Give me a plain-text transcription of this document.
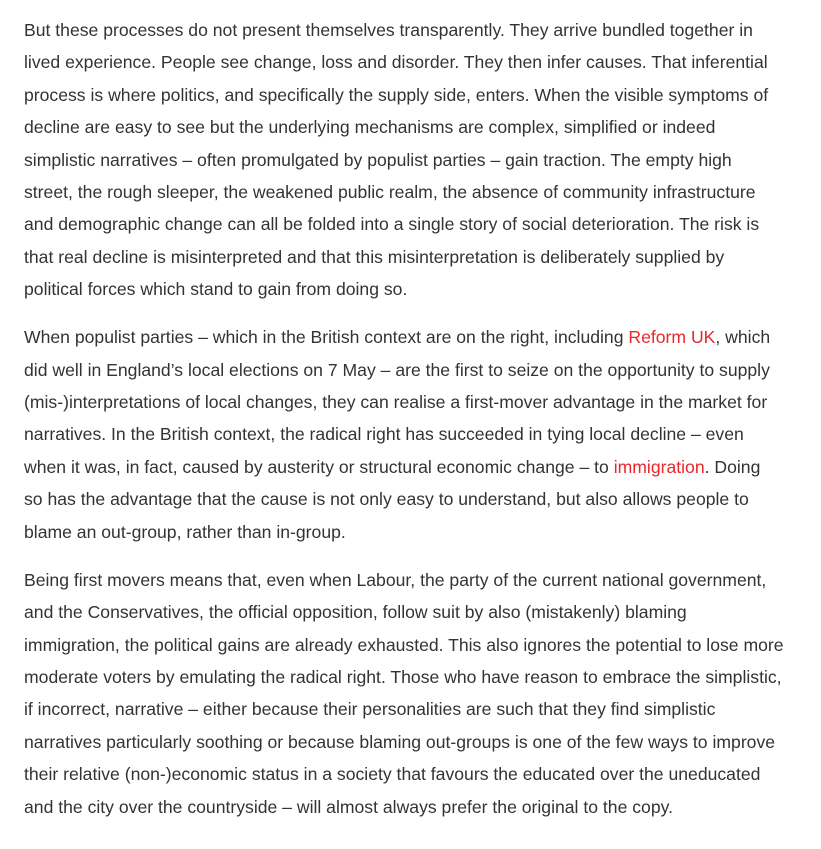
But these processes do not present themselves transparently. They arrive bundled together in
lived experience. People see change, loss and disorder. They then infer causes. That inferential
process is where politics, and specifically the supply side, enters. When the visible symptoms of
decline are easy to see but the underlying mechanisms are complex, simplified or indeed
simplistic narratives – often promulgated by populist parties – gain traction. The empty high
street, the rough sleeper, the weakened public realm, the absence of community infrastructure
and demographic change can all be folded into a single story of social deterioration. The risk is
that real decline is misinterpreted and that this misinterpretation is deliberately supplied by
political forces which stand to gain from doing so.

When populist parties – which in the British context are on the right, including Reform UK, which
did well in England’s local elections on 7 May – are the first to seize on the opportunity to supply
(mis-)interpretations of local changes, they can realise a first-mover advantage in the market for
narratives. In the British context, the radical right has succeeded in tying local decline – even
when it was, in fact, caused by austerity or structural economic change – to immigration. Doing
so has the advantage that the cause is not only easy to understand, but also allows people to
blame an out-group, rather than in-group.

Being first movers means that, even when Labour, the party of the current national government,
and the Conservatives, the official opposition, follow suit by also (mistakenly) blaming
immigration, the political gains are already exhausted. This also ignores the potential to lose more
moderate voters by emulating the radical right. Those who have reason to embrace the simplistic,
if incorrect, narrative – either because their personalities are such that they find simplistic
narratives particularly soothing or because blaming out-groups is one of the few ways to improve
their relative (non-)economic status in a society that favours the educated over the uneducated
and the city over the countryside – will almost always prefer the original to the copy.
